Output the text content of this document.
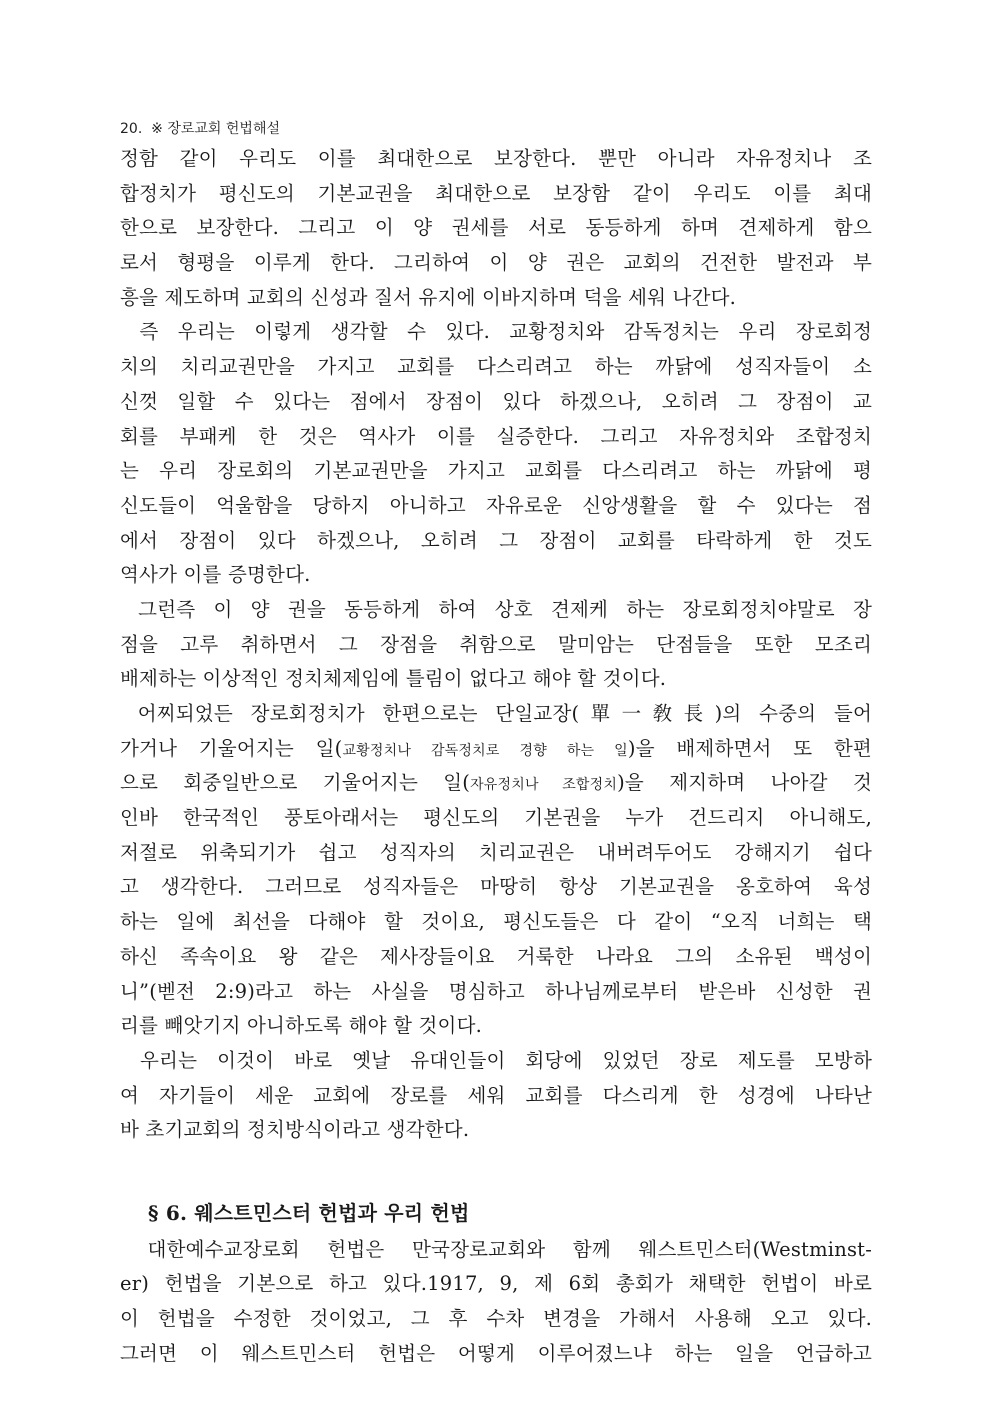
20.  ※ 장로교회 헌법해설
정함 같이 우리도 이를 최대한으로 보장한다. 뿐만 아니라 자유정치나 조
합정치가 평신도의 기본교권을 최대한으로 보장함 같이 우리도 이를 최대
한으로 보장한다. 그리고 이 양 권세를 서로 동등하게 하며 견제하게 함으
로서 형평을 이루게 한다. 그리하여 이 양 권은 교회의 건전한 발전과 부
흥을 제도하며 교회의 신성과 질서 유지에 이바지하며 덕을 세워 나간다.
즉 우리는 이렇게 생각할 수 있다. 교황정치와 감독정치는 우리 장로회정
치의 치리교권만을 가지고 교회를 다스리려고 하는 까닭에 성직자들이 소
신껏 일할 수 있다는 점에서 장점이 있다 하겠으나, 오히려 그 장점이 교
회를 부패케 한 것은 역사가 이를 실증한다. 그리고 자유정치와 조합정치
는 우리 장로회의 기본교권만을 가지고 교회를 다스리려고 하는 까닭에 평
신도들이 억울함을 당하지 아니하고 자유로운 신앙생활을 할 수 있다는 점
에서 장점이 있다 하겠으나, 오히려 그 장점이 교회를 타락하게 한 것도
역사가 이를 증명한다.
그런즉 이 양 권을 동등하게 하여 상호 견제케 하는 장로회정치야말로 장
점을 고루 취하면서 그 장점을 취함으로 말미암는 단점들을 또한 모조리
배제하는 이상적인 정치체제임에 틀림이 없다고 해야 할 것이다.
어찌되었든 장로회정치가 한편으로는 단일교장(單一敎長)의 수중의 들어
가거나 기울어지는 일(교황정치나 감독정치로 경향 하는 일)을 배제하면서 또 한편
으로 회중일반으로 기울어지는 일(자유정치나 조합정치)을 제지하며 나아갈 것
인바 한국적인 풍토아래서는 평신도의 기본권을 누가 건드리지 아니해도,
저절로 위축되기가 쉽고 성직자의 치리교권은 내버려두어도 강해지기 쉽다
고 생각한다. 그러므로 성직자들은 마땅히 항상 기본교권을 옹호하여 육성
하는 일에 최선을 다해야 할 것이요, 평신도들은 다 같이 “오직 너희는 택
하신 족속이요 왕 같은 제사장들이요 거룩한 나라요 그의 소유된 백성이
니”(벧전 2:9)라고 하는 사실을 명심하고 하나님께로부터 받은바 신성한 권
리를 빼앗기지 아니하도록 해야 할 것이다.
우리는 이것이 바로 옛날 유대인들이 회당에 있었던 장로 제도를 모방하
여 자기들이 세운 교회에 장로를 세워 교회를 다스리게 한 성경에 나타난
바 초기교회의 정치방식이라고 생각한다.
§ 6. 웨스트민스터 헌법과 우리 헌법
대한예수교장로회 헌법은 만국장로교회와 함께 웨스트민스터(Westminst-
er) 헌법을 기본으로 하고 있다.1917, 9, 제 6회 총회가 채택한 헌법이 바로
이 헌법을 수정한 것이었고, 그 후 수차 변경을 가해서 사용해 오고 있다.
그러면 이 웨스트민스터 헌법은 어떻게 이루어졌느냐 하는 일을 언급하고
